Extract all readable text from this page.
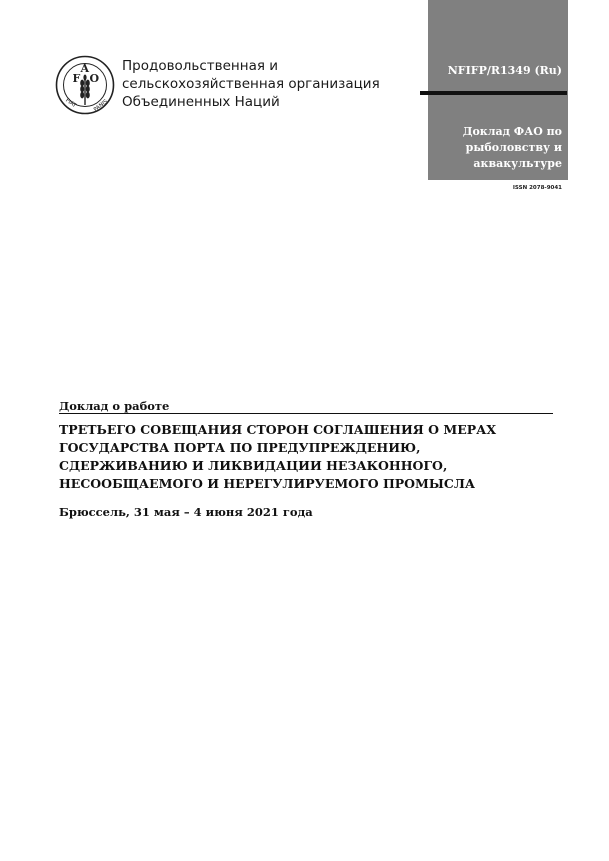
F
A
O
FIAT	PANIS
Продовольственная и
сельскохозяйственная организация
Объединенных Наций
NFIFP/R1349 (Ru)
Доклад ФАО по
рыболовству и
аквакультуре
ISSN 2078-9041
Доклад о работе
ТРЕТЬЕГО СОВЕЩАНИЯ СТОРОН СОГЛАШЕНИЯ О МЕРАХ
ГОСУДАРСТВА ПОРТА ПО ПРЕДУПРЕЖДЕНИЮ,
СДЕРЖИВАНИЮ И ЛИКВИДАЦИИ НЕЗАКОННОГО,
НЕСООБЩАЕМОГО И НЕРЕГУЛИРУЕМОГО ПРОМЫСЛА
Брюссель, 31 мая – 4 июня 2021 года
